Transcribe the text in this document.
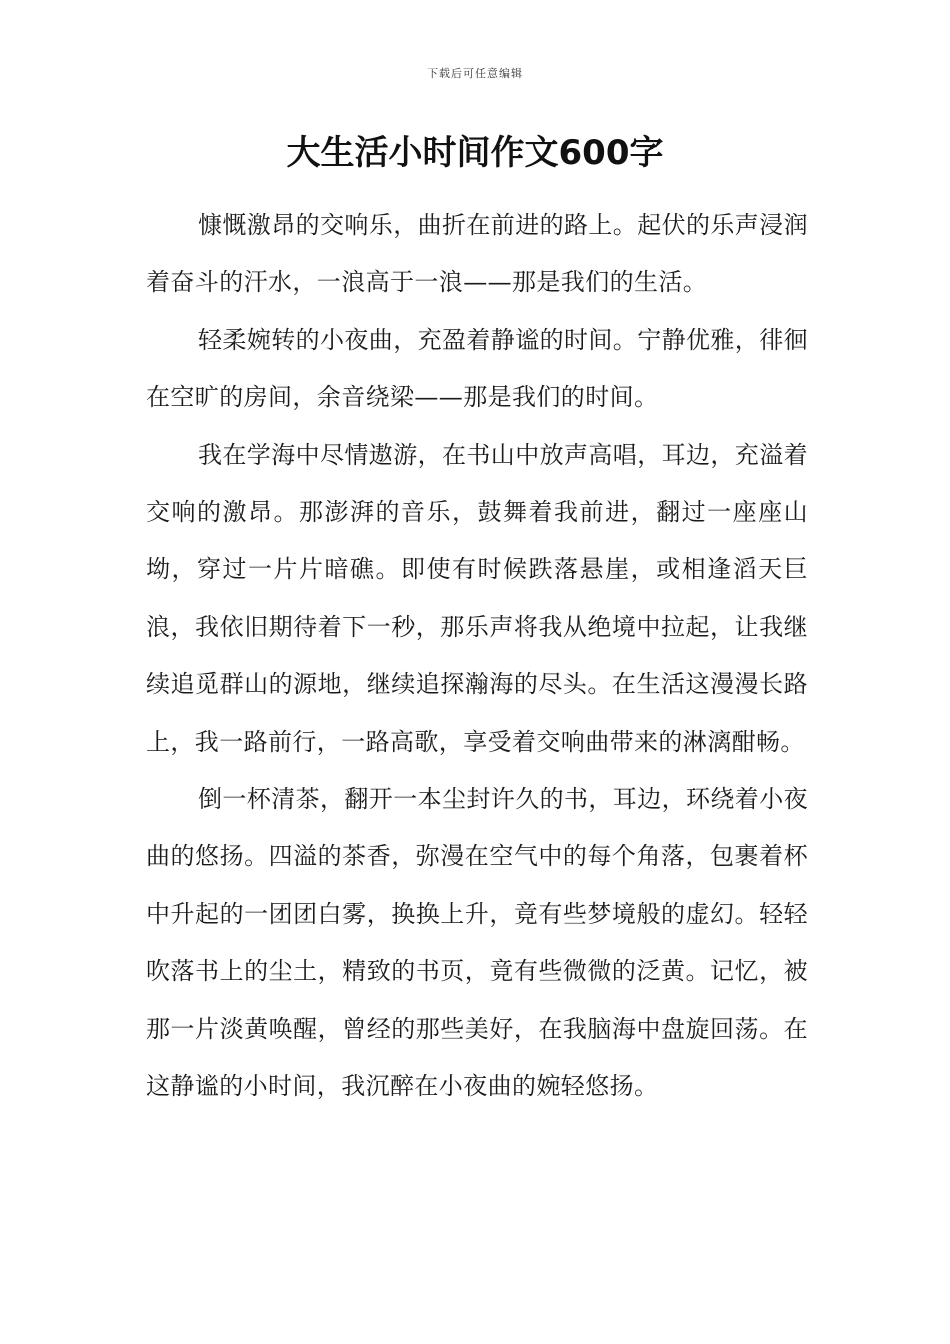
下载后可任意编辑
大生活小时间作文600字

慷慨激昂的交响乐，曲折在前进的路上。起伏的乐声浸润着奋斗的汗水，一浪高于一浪——那是我们的生活。

轻柔婉转的小夜曲，充盈着静谧的时间。宁静优雅，徘徊在空旷的房间，余音绕梁——那是我们的时间。

我在学海中尽情遨游，在书山中放声高唱，耳边，充溢着交响的激昂。那澎湃的音乐，鼓舞着我前进，翻过一座座山坳，穿过一片片暗礁。即使有时候跌落悬崖，或相逢滔天巨浪，我依旧期待着下一秒，那乐声将我从绝境中拉起，让我继续追觅群山的源地，继续追探瀚海的尽头。在生活这漫漫长路上，我一路前行，一路高歌，享受着交响曲带来的淋漓酣畅。

倒一杯清茶，翻开一本尘封许久的书，耳边，环绕着小夜曲的悠扬。四溢的茶香，弥漫在空气中的每个角落，包裹着杯中升起的一团团白雾，换换上升，竟有些梦境般的虚幻。轻轻吹落书上的尘土，精致的书页，竟有些微微的泛黄。记忆，被那一片淡黄唤醒，曾经的那些美好，在我脑海中盘旋回荡。在这静谧的小时间，我沉醉在小夜曲的婉轻悠扬。
